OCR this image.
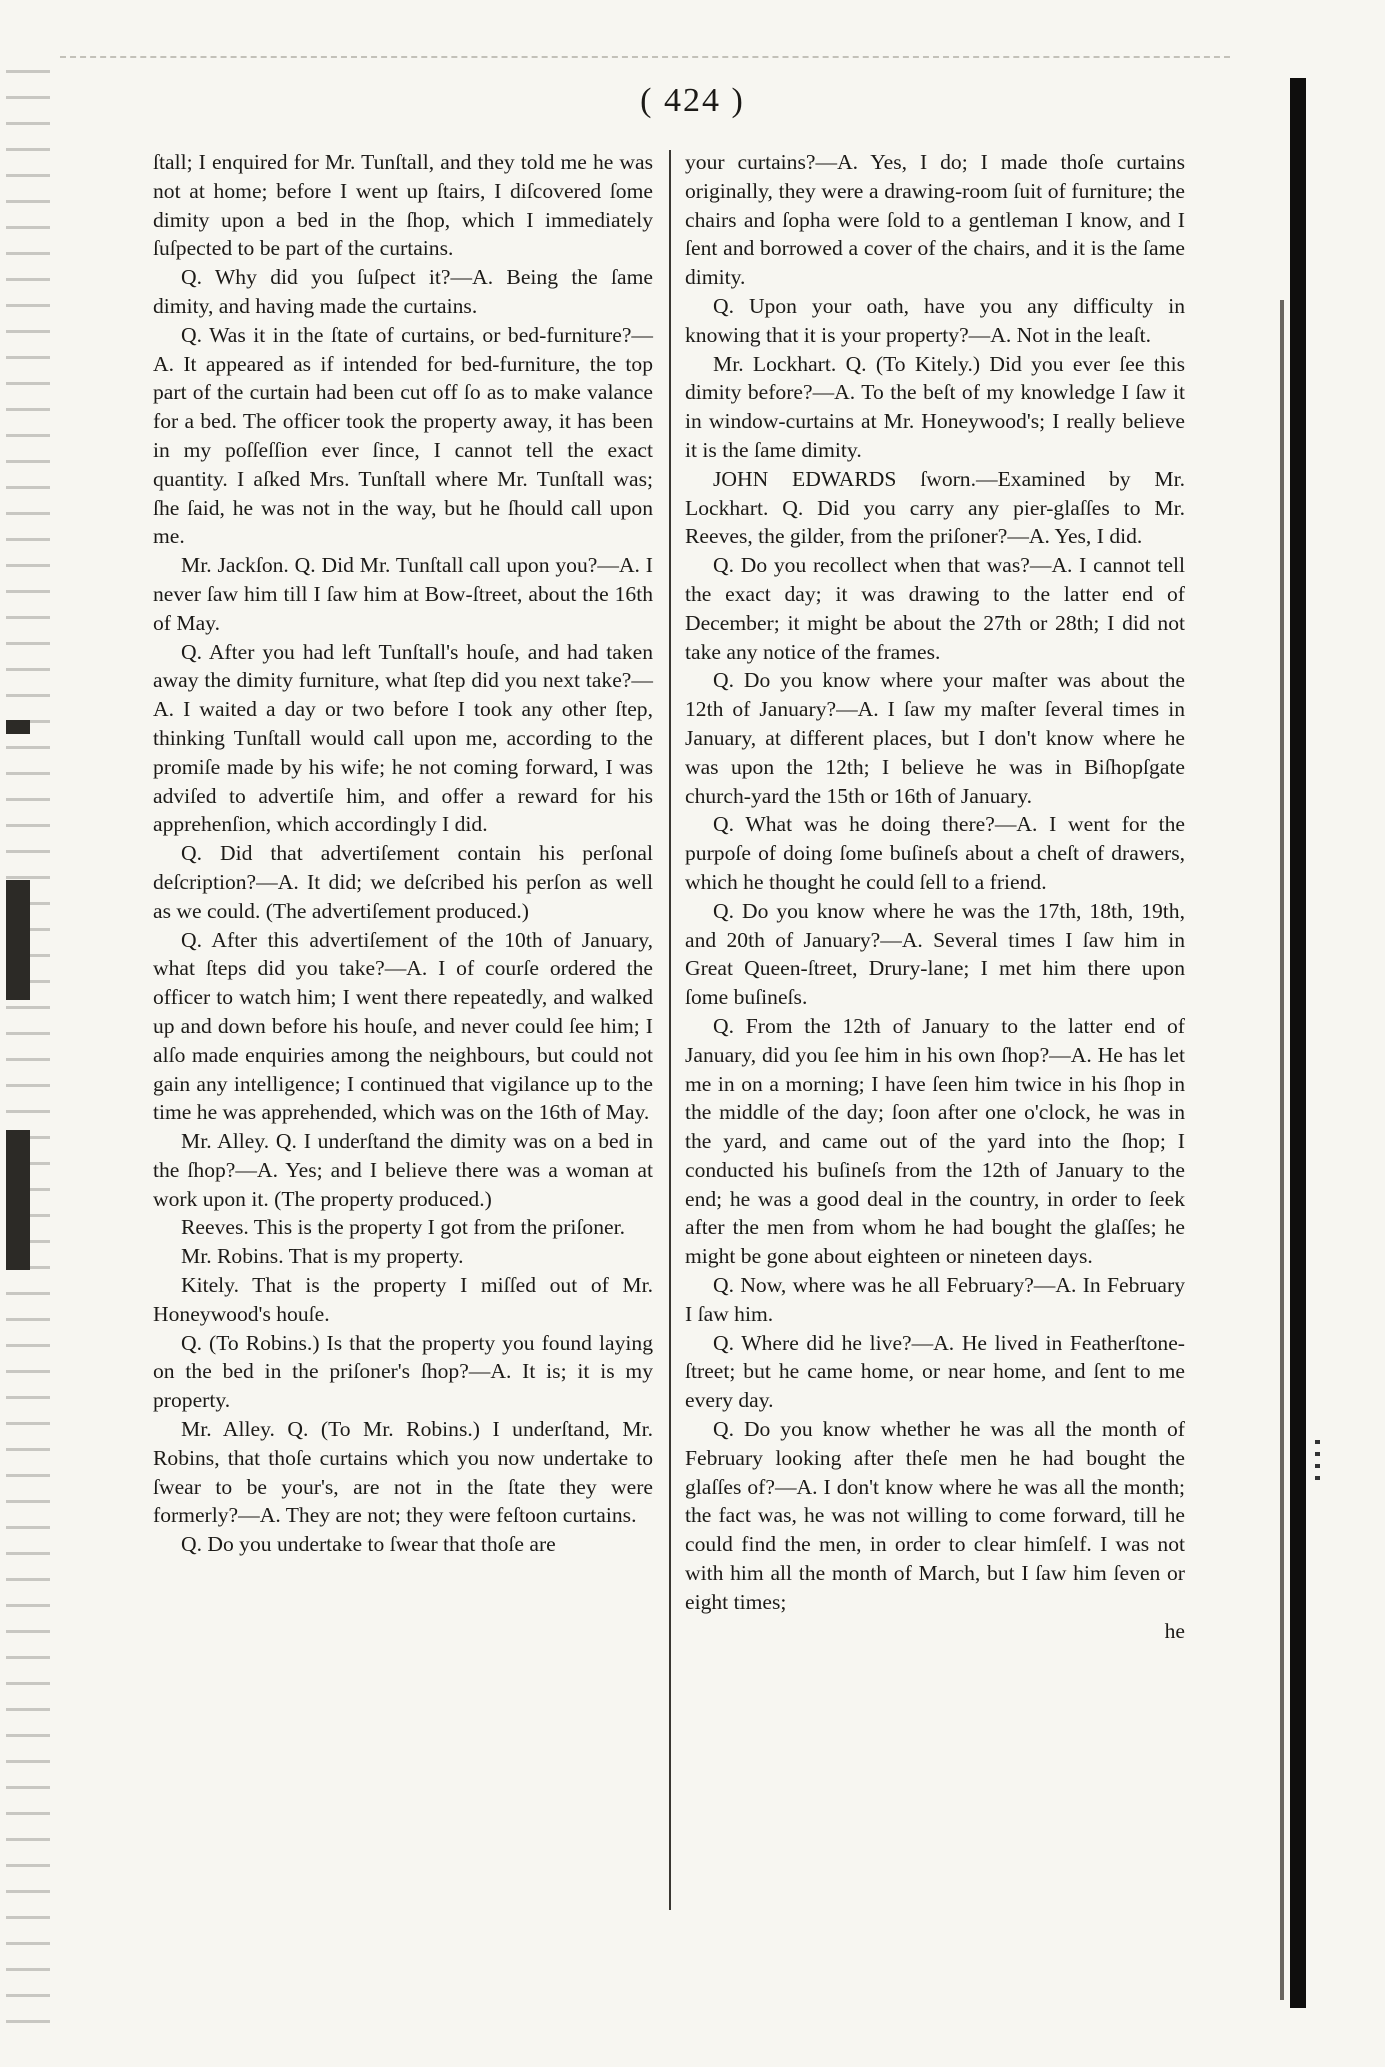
( 424 )

ſtall; I enquired for Mr. Tunſtall, and they told me he was not at home; before I went up ſtairs, I diſcovered ſome dimity upon a bed in the ſhop, which I immediately ſuſpected to be part of the curtains.

Q. Why did you ſuſpect it?—A. Being the ſame dimity, and having made the curtains.

Q. Was it in the ſtate of curtains, or bed-furniture?—A. It appeared as if intended for bed-furniture, the top part of the curtain had been cut off ſo as to make valance for a bed. The officer took the property away, it has been in my poſſeſſion ever ſince, I cannot tell the exact quantity. I aſked Mrs. Tunſtall where Mr. Tunſtall was; ſhe ſaid, he was not in the way, but he ſhould call upon me.

Mr. Jackſon. Q. Did Mr. Tunſtall call upon you?—A. I never ſaw him till I ſaw him at Bow-ſtreet, about the 16th of May.

Q. After you had left Tunſtall's houſe, and had taken away the dimity furniture, what ſtep did you next take?—A. I waited a day or two before I took any other ſtep, thinking Tunſtall would call upon me, according to the promiſe made by his wife; he not coming forward, I was adviſed to advertiſe him, and offer a reward for his apprehenſion, which accordingly I did.

Q. Did that advertiſement contain his perſonal deſcription?—A. It did; we deſcribed his perſon as well as we could. (The advertiſement produced.)

Q. After this advertiſement of the 10th of January, what ſteps did you take?—A. I of courſe ordered the officer to watch him; I went there repeatedly, and walked up and down before his houſe, and never could ſee him; I alſo made enquiries among the neighbours, but could not gain any intelligence; I continued that vigilance up to the time he was apprehended, which was on the 16th of May.

Mr. Alley. Q. I underſtand the dimity was on a bed in the ſhop?—A. Yes; and I believe there was a woman at work upon it. (The property produced.)

Reeves. This is the property I got from the priſoner.

Mr. Robins. That is my property.

Kitely. That is the property I miſſed out of Mr. Honeywood's houſe.

Q. (To Robins.) Is that the property you found laying on the bed in the priſoner's ſhop?—A. It is; it is my property.

Mr. Alley. Q. (To Mr. Robins.) I underſtand, Mr. Robins, that thoſe curtains which you now undertake to ſwear to be your's, are not in the ſtate they were formerly?—A. They are not; they were feſtoon curtains.

Q. Do you undertake to ſwear that thoſe are

your curtains?—A. Yes, I do; I made thoſe curtains originally, they were a drawing-room ſuit of furniture; the chairs and ſopha were ſold to a gentleman I know, and I ſent and borrowed a cover of the chairs, and it is the ſame dimity.

Q. Upon your oath, have you any difficulty in knowing that it is your property?—A. Not in the leaſt.

Mr. Lockhart. Q. (To Kitely.) Did you ever ſee this dimity before?—A. To the beſt of my knowledge I ſaw it in window-curtains at Mr. Honeywood's; I really believe it is the ſame dimity.

JOHN EDWARDS ſworn.—Examined by Mr. Lockhart. Q. Did you carry any pier-glaſſes to Mr. Reeves, the gilder, from the priſoner?—A. Yes, I did.

Q. Do you recollect when that was?—A. I cannot tell the exact day; it was drawing to the latter end of December; it might be about the 27th or 28th; I did not take any notice of the frames.

Q. Do you know where your maſter was about the 12th of January?—A. I ſaw my maſter ſeveral times in January, at different places, but I don't know where he was upon the 12th; I believe he was in Biſhopſgate church-yard the 15th or 16th of January.

Q. What was he doing there?—A. I went for the purpoſe of doing ſome buſineſs about a cheſt of drawers, which he thought he could ſell to a friend.

Q. Do you know where he was the 17th, 18th, 19th, and 20th of January?—A. Several times I ſaw him in Great Queen-ſtreet, Drury-lane; I met him there upon ſome buſineſs.

Q. From the 12th of January to the latter end of January, did you ſee him in his own ſhop?—A. He has let me in on a morning; I have ſeen him twice in his ſhop in the middle of the day; ſoon after one o'clock, he was in the yard, and came out of the yard into the ſhop; I conducted his buſineſs from the 12th of January to the end; he was a good deal in the country, in order to ſeek after the men from whom he had bought the glaſſes; he might be gone about eighteen or nineteen days.

Q. Now, where was he all February?—A. In February I ſaw him.

Q. Where did he live?—A. He lived in Featherſtone-ſtreet; but he came home, or near home, and ſent to me every day.

Q. Do you know whether he was all the month of February looking after theſe men he had bought the glaſſes of?—A. I don't know where he was all the month; the fact was, he was not willing to come forward, till he could find the men, in order to clear himſelf. I was not with him all the month of March, but I ſaw him ſeven or eight times;

he
